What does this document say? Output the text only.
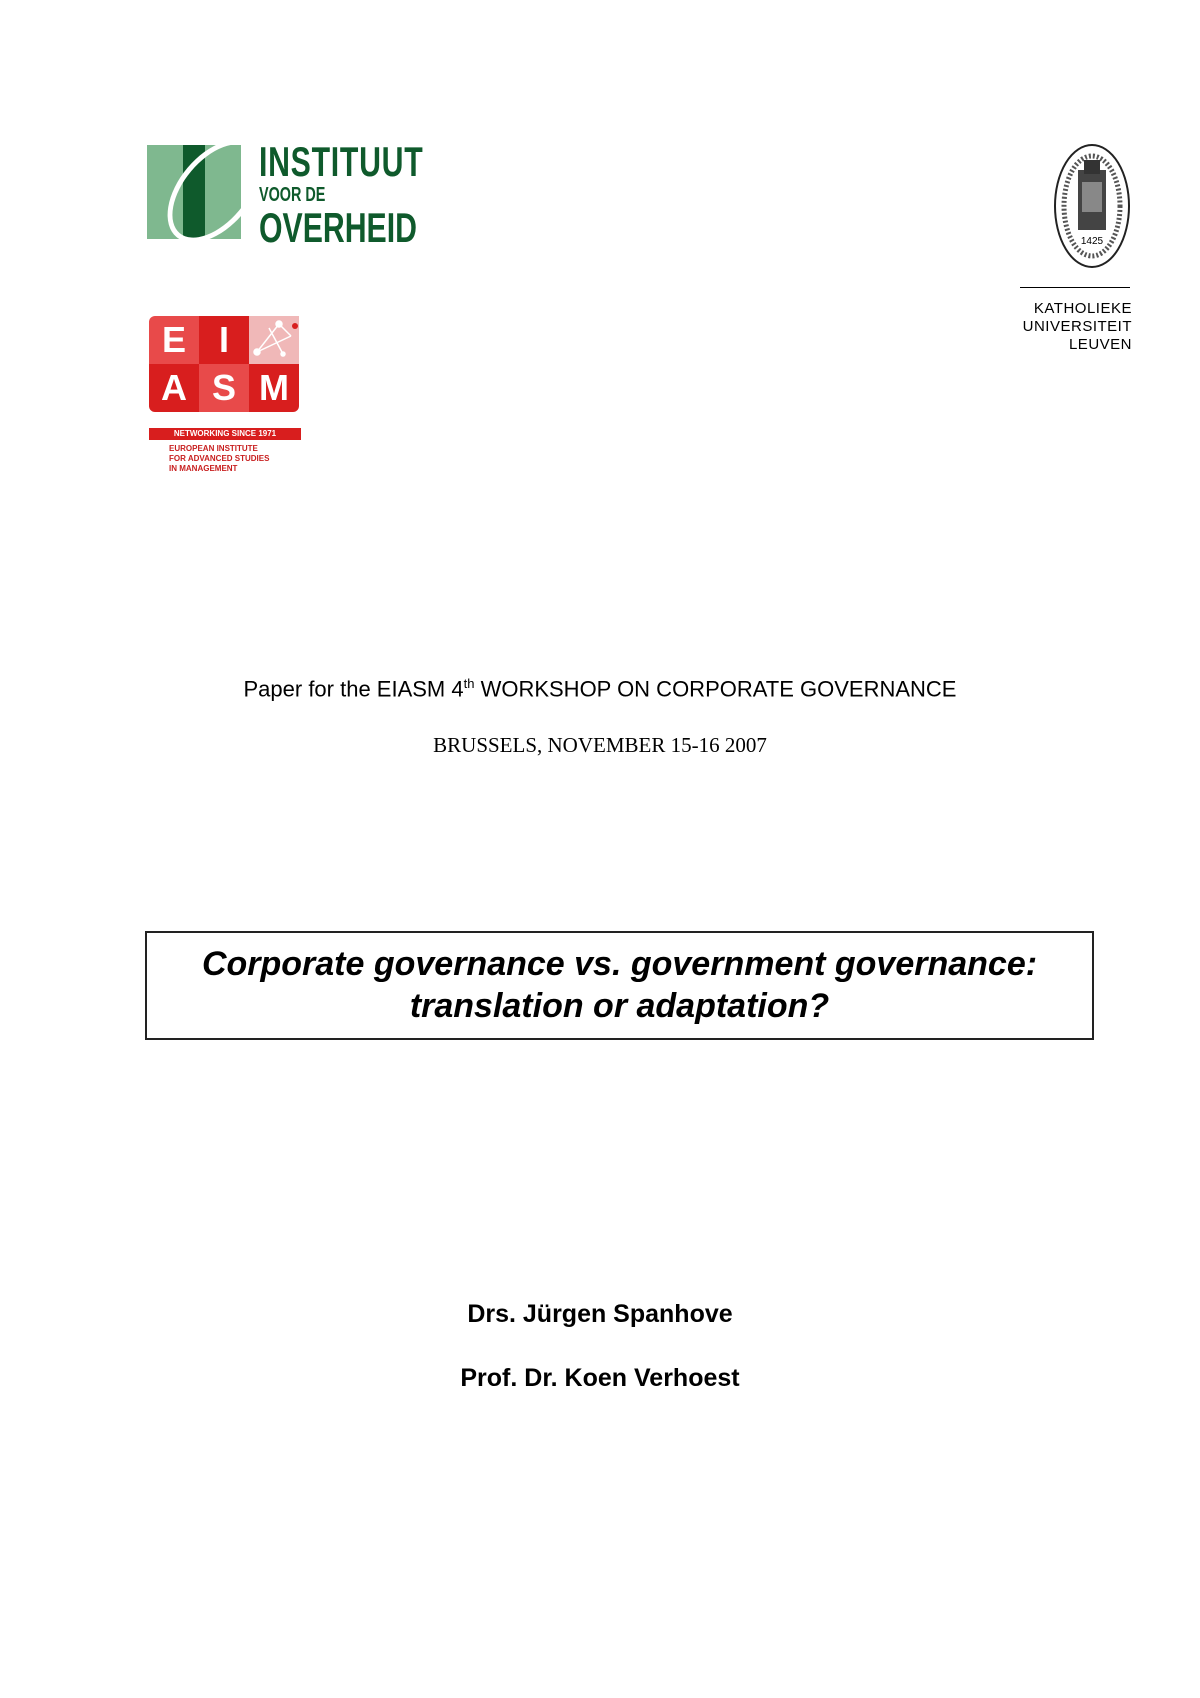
INSTITUUT
VOOR DE
OVERHEID
E I
A S M
NETWORKING SINCE 1971
EUROPEAN INSTITUTE
FOR ADVANCED STUDIES
IN MANAGEMENT
1425
KATHOLIEKE
UNIVERSITEIT
LEUVEN
Paper for the EIASM 4th WORKSHOP ON CORPORATE GOVERNANCE
BRUSSELS, NOVEMBER 15-16 2007
Corporate governance vs. government governance:
translation or adaptation?
Drs. Jürgen Spanhove
Prof. Dr. Koen Verhoest
